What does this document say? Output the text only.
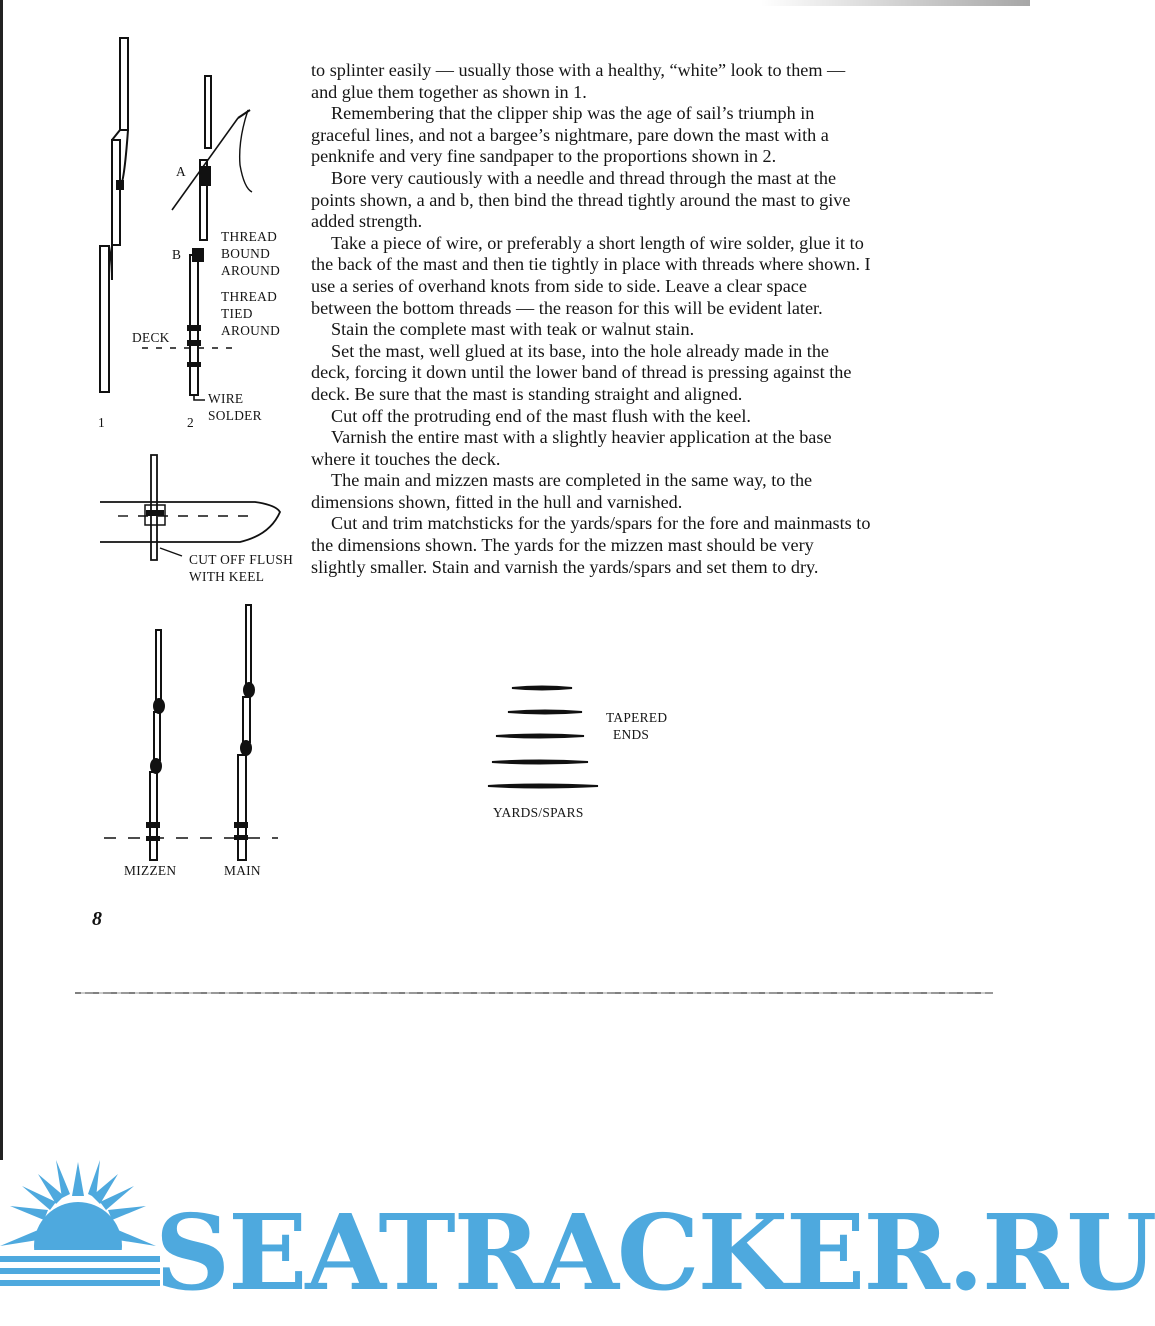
to splinter easily — usually those with a healthy, “white” look to them — and glue them together as shown in 1.

Remembering that the clipper ship was the age of sail’s triumph in graceful lines, and not a bargee’s nightmare, pare down the mast with a penknife and very fine sandpaper to the proportions shown in 2.

Bore very cautiously with a needle and thread through the mast at the points shown, a and b, then bind the thread tightly around the mast to give added strength.

Take a piece of wire, or preferably a short length of wire solder, glue it to the back of the mast and then tie tightly in place with threads where shown. I use a series of overhand knots from side to side. Leave a clear space between the bottom threads — the reason for this will be evident later.

Stain the complete mast with teak or walnut stain.

Set the mast, well glued at its base, into the hole already made in the deck, forcing it down until the lower band of thread is pressing against the deck. Be sure that the mast is standing straight and aligned.

Cut off the protruding end of the mast flush with the keel.

Varnish the entire mast with a slightly heavier application at the base where it touches the deck.

The main and mizzen masts are completed in the same way, to the dimensions shown, fitted in the hull and varnished.

Cut and trim matchsticks for the yards/spars for the fore and mainmasts to the dimensions shown. The yards for the mizzen mast should be very slightly smaller. Stain and varnish the yards/spars and set them to dry.

A
B
THREAD
BOUND
AROUND
THREAD
TIED
AROUND
DECK
WIRE
SOLDER
1	2
CUT OFF FLUSH
WITH KEEL
MIZZEN	MAIN
TAPERED
ENDS
YARDS/SPARS
8
SEATRACKER.RU
